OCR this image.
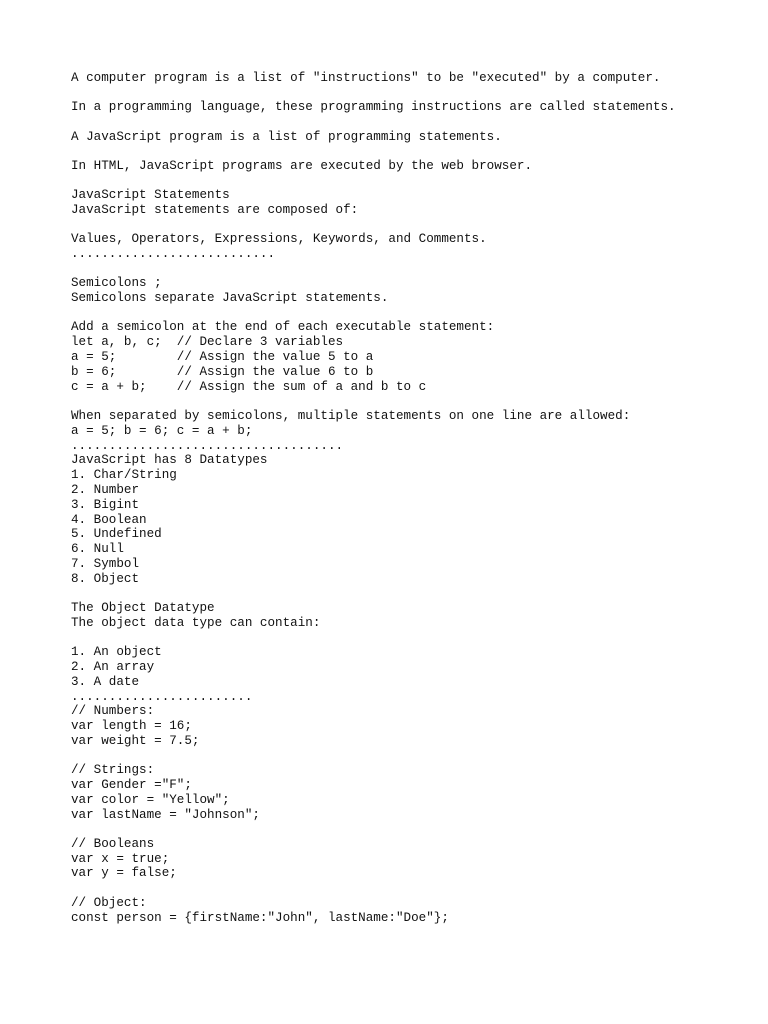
A computer program is a list of "instructions" to be "executed" by a computer.
In a programming language, these programming instructions are called statements.
A JavaScript program is a list of programming statements.
In HTML, JavaScript programs are executed by the web browser.
JavaScript Statements
JavaScript statements are composed of:
Values, Operators, Expressions, Keywords, and Comments.
...........................
Semicolons ;
Semicolons separate JavaScript statements.
Add a semicolon at the end of each executable statement:
let a, b, c;  // Declare 3 variables
a = 5;        // Assign the value 5 to a
b = 6;        // Assign the value 6 to b
c = a + b;    // Assign the sum of a and b to c
When separated by semicolons, multiple statements on one line are allowed:
a = 5; b = 6; c = a + b;
....................................
JavaScript has 8 Datatypes
1. Char/String
2. Number
3. Bigint
4. Boolean
5. Undefined
6. Null
7. Symbol
8. Object
The Object Datatype
The object data type can contain:
1. An object
2. An array
3. A date
........................
// Numbers:
var length = 16;
var weight = 7.5;
// Strings:
var Gender ="F";
var color = "Yellow";
var lastName = "Johnson";
// Booleans
var x = true;
var y = false;
// Object:
const person = {firstName:"John", lastName:"Doe"};
